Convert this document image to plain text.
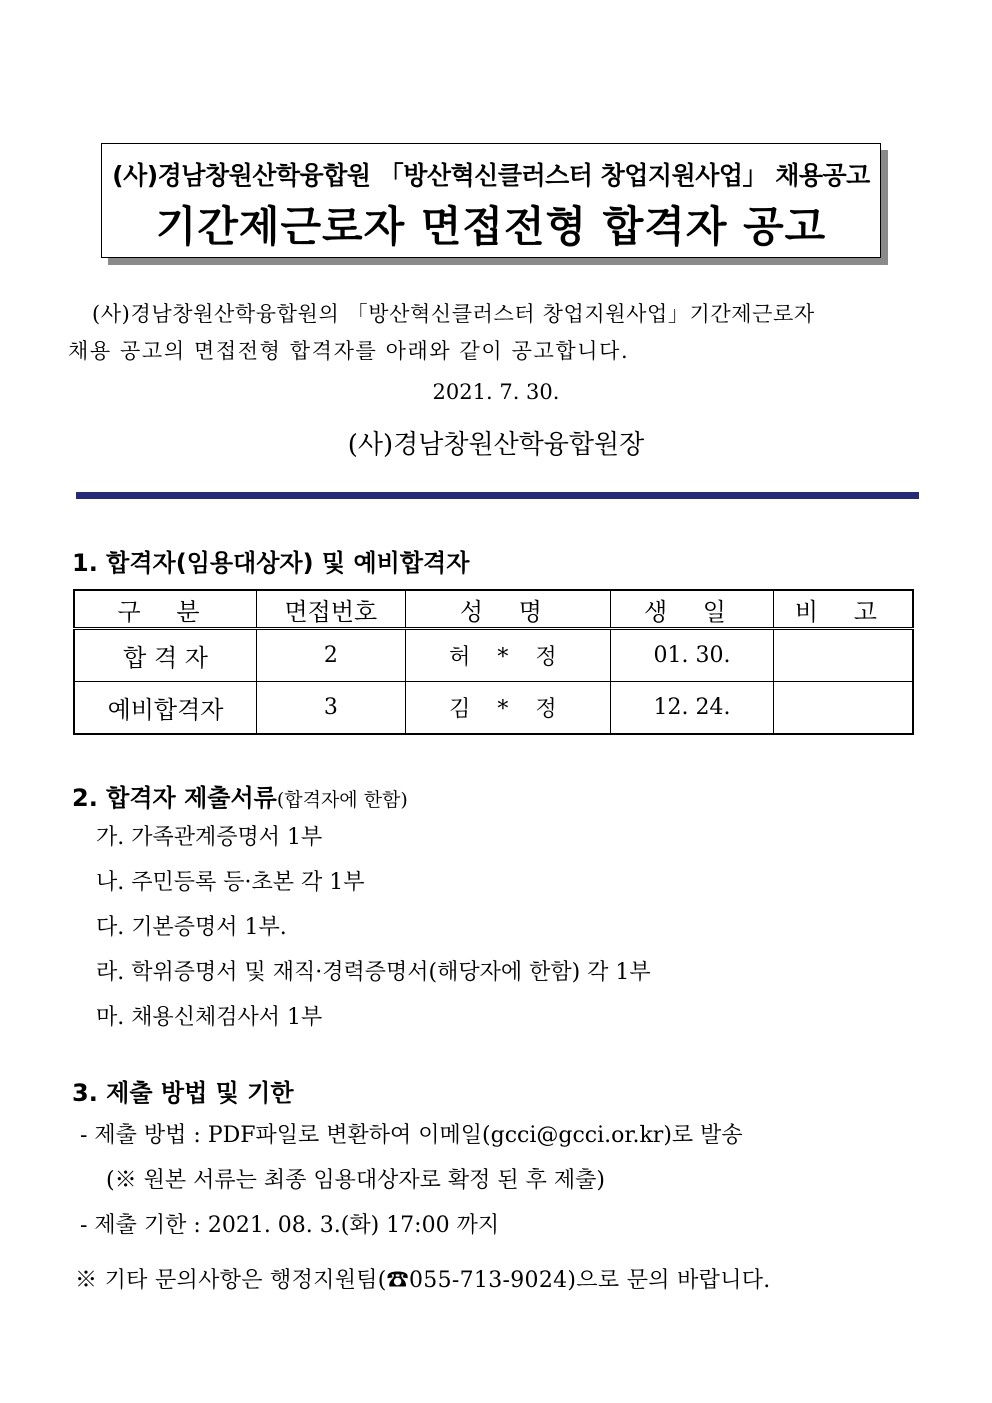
(사)경남창원산학융합원 「방산혁신클러스터 창업지원사업」 채용공고
기간제근로자 면접전형 합격자 공고
(사)경남창원산학융합원의 「방산혁신클러스터 창업지원사업」기간제근로자
채용 공고의 면접전형 합격자를 아래와 같이 공고합니다.
2021. 7. 30.
(사)경남창원산학융합원장
1. 합격자(임용대상자) 및 예비합격자
구 분	면접번호	성 명	생 일	비 고
합 격 자	2	허 * 정	01. 30.	
예비합격자	3	김 * 정	12. 24.	
2. 합격자 제출서류(합격자에 한함)
가. 가족관계증명서 1부
나. 주민등록 등·초본 각 1부
다. 기본증명서 1부.
라. 학위증명서 및 재직·경력증명서(해당자에 한함) 각 1부
마. 채용신체검사서 1부
3. 제출 방법 및 기한
- 제출 방법 : PDF파일로 변환하여 이메일(gcci@gcci.or.kr)로 발송
(※ 원본 서류는 최종 임용대상자로 확정 된 후 제출)
- 제출 기한 : 2021. 08. 3.(화) 17:00 까지
※ 기타 문의사항은 행정지원팀(☎055-713-9024)으로 문의 바랍니다.
